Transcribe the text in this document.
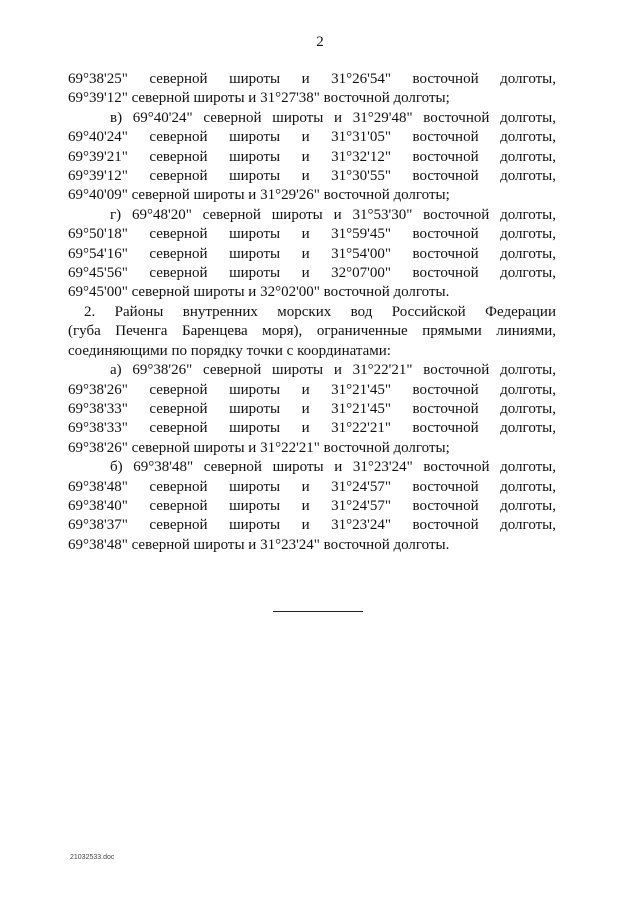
2
69°38'25" северной широты и 31°26'54" восточной долготы,
69°39'12" северной широты и 31°27'38" восточной долготы;
в) 69°40'24" северной широты и 31°29'48" восточной долготы,
69°40'24" северной широты и 31°31'05" восточной долготы,
69°39'21" северной широты и 31°32'12" восточной долготы,
69°39'12" северной широты и 31°30'55" восточной долготы,
69°40'09" северной широты и 31°29'26" восточной долготы;
г) 69°48'20" северной широты и 31°53'30" восточной долготы,
69°50'18" северной широты и 31°59'45" восточной долготы,
69°54'16" северной широты и 31°54'00" восточной долготы,
69°45'56" северной широты и 32°07'00" восточной долготы,
69°45'00" северной широты и 32°02'00" восточной долготы.
2. Районы внутренних морских вод Российской Федерации
(губа Печенга Баренцева моря), ограниченные прямыми линиями,
соединяющими по порядку точки с координатами:
а) 69°38'26" северной широты и 31°22'21" восточной долготы,
69°38'26" северной широты и 31°21'45" восточной долготы,
69°38'33" северной широты и 31°21'45" восточной долготы,
69°38'33" северной широты и 31°22'21" восточной долготы,
69°38'26" северной широты и 31°22'21" восточной долготы;
б) 69°38'48" северной широты и 31°23'24" восточной долготы,
69°38'48" северной широты и 31°24'57" восточной долготы,
69°38'40" северной широты и 31°24'57" восточной долготы,
69°38'37" северной широты и 31°23'24" восточной долготы,
69°38'48" северной широты и 31°23'24" восточной долготы.
21032533.doc
